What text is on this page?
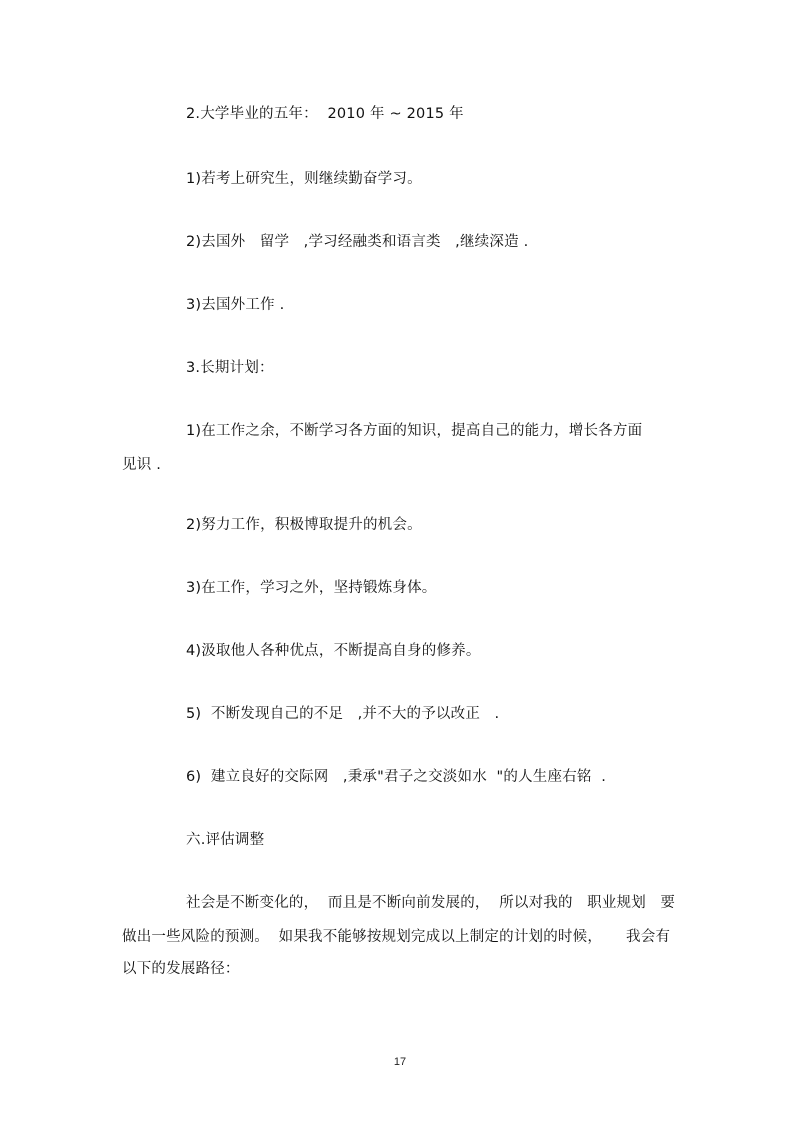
2.大学毕业的五年：  2010 年 ~ 2015 年
1)若考上研究生，则继续勤奋学习。
2)去国外   留学   ,学习经融类和语言类   ,继续深造 .
3)去国外工作 .
3.长期计划：
1)在工作之余，不断学习各方面的知识，提高自己的能力，增长各方面
见识 .
2)努力工作，积极博取提升的机会。
3)在工作，学习之外，坚持锻炼身体。
4)汲取他人各种优点，不断提高自身的修养。
5)  不断发现自己的不足   ,并不大的予以改正   .
6)  建立良好的交际网   ,秉承"君子之交淡如水  "的人生座右铭  .
六.评估调整
社会是不断变化的，  而且是不断向前发展的，  所以对我的   职业规划   要
做出一些风险的预测。  如果我不能够按规划完成以上制定的计划的时候，     我会有
以下的发展路径：
17
